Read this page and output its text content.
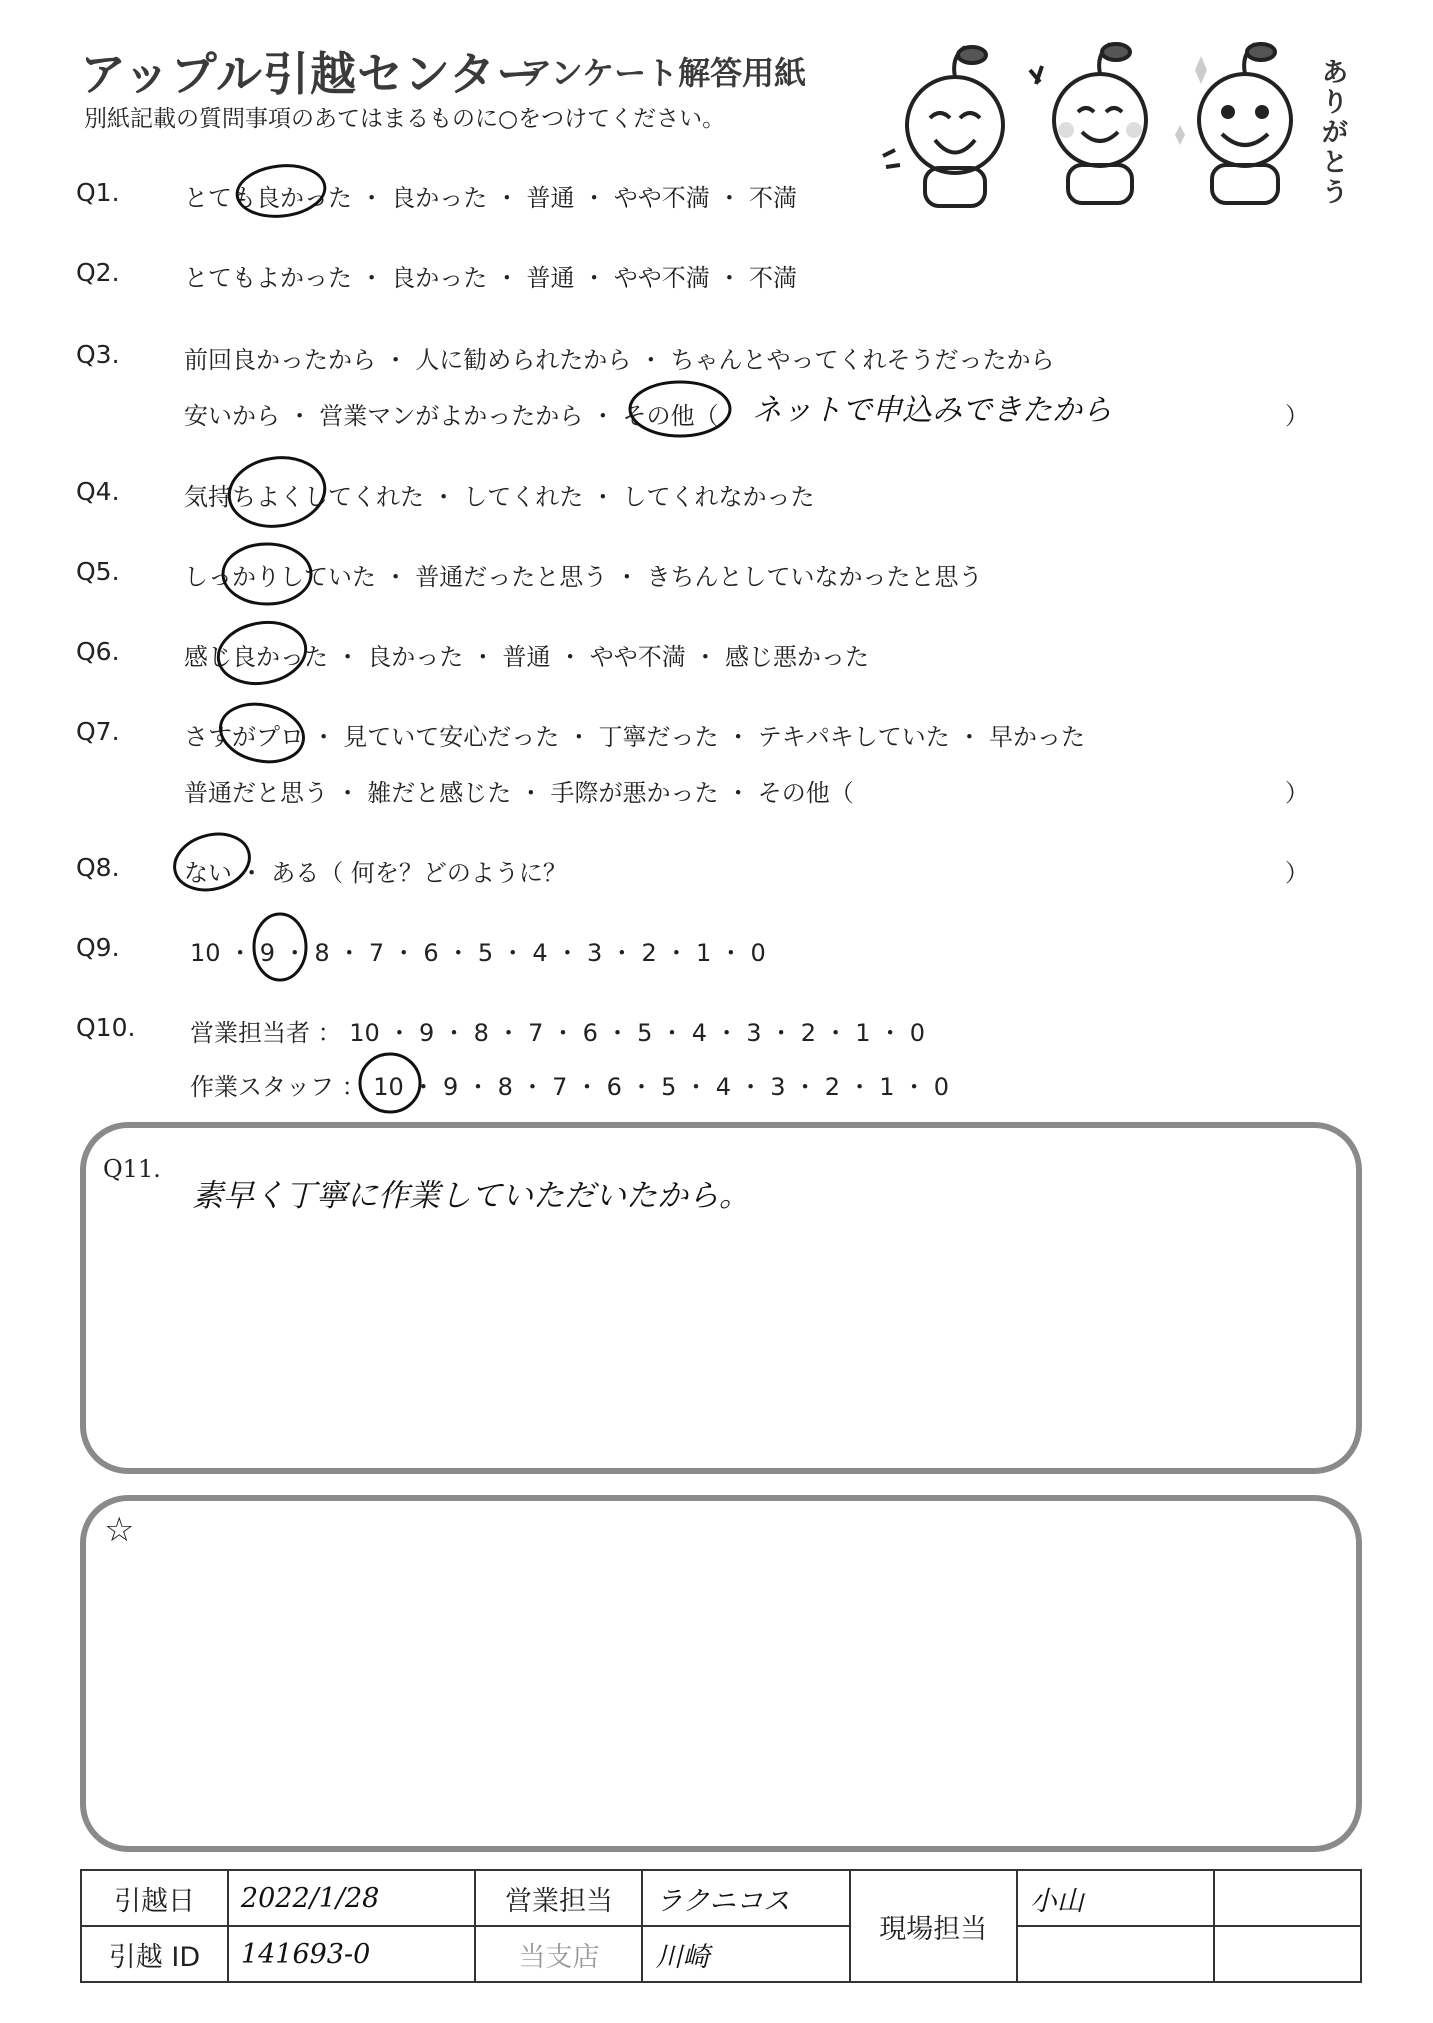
アップル引越センター
アンケート解答用紙
別紙記載の質問事項のあてはまるものに○をつけてください。
ありがとう
Q1.	とても良かった ・ 良かった ・ 普通 ・ やや不満 ・ 不満
Q2.	とてもよかった ・ 良かった ・ 普通 ・ やや不満 ・ 不満
Q3.	前回良かったから ・ 人に勧められたから ・ ちゃんとやってくれそうだったから
安いから ・ 営業マンがよかったから ・ その他（	）
ネットで申込みできたから
Q4.	気持ちよくしてくれた ・ してくれた ・ してくれなかった
Q5.	しっかりしていた ・ 普通だったと思う ・ きちんとしていなかったと思う
Q6.	感じ良かった ・ 良かった ・ 普通 ・ やや不満 ・ 感じ悪かった
Q7.	さすがプロ ・ 見ていて安心だった ・ 丁寧だった ・ テキパキしていた ・ 早かった
普通だと思う ・ 雑だと感じた ・ 手際が悪かった ・ その他（	）
Q8.	ない ・ ある（ 何を？どのように？	）
Q9.	10 ・ 9 ・ 8 ・ 7 ・ 6 ・ 5 ・ 4 ・ 3 ・ 2 ・ 1 ・ 0
Q10. 営業担当者 ： 10 ・ 9 ・ 8 ・ 7 ・ 6 ・ 5 ・ 4 ・ 3 ・ 2 ・ 1 ・ 0
作業スタッフ ： 10 ・ 9 ・ 8 ・ 7 ・ 6 ・ 5 ・ 4 ・ 3 ・ 2 ・ 1 ・ 0
Q11.
素早く丁寧に作業していただいたから。
☆
引越日	2022/1/28	営業担当	ラクニコス	現場担当	小山	
引越 ID	141693-0	当支店	川崎			
